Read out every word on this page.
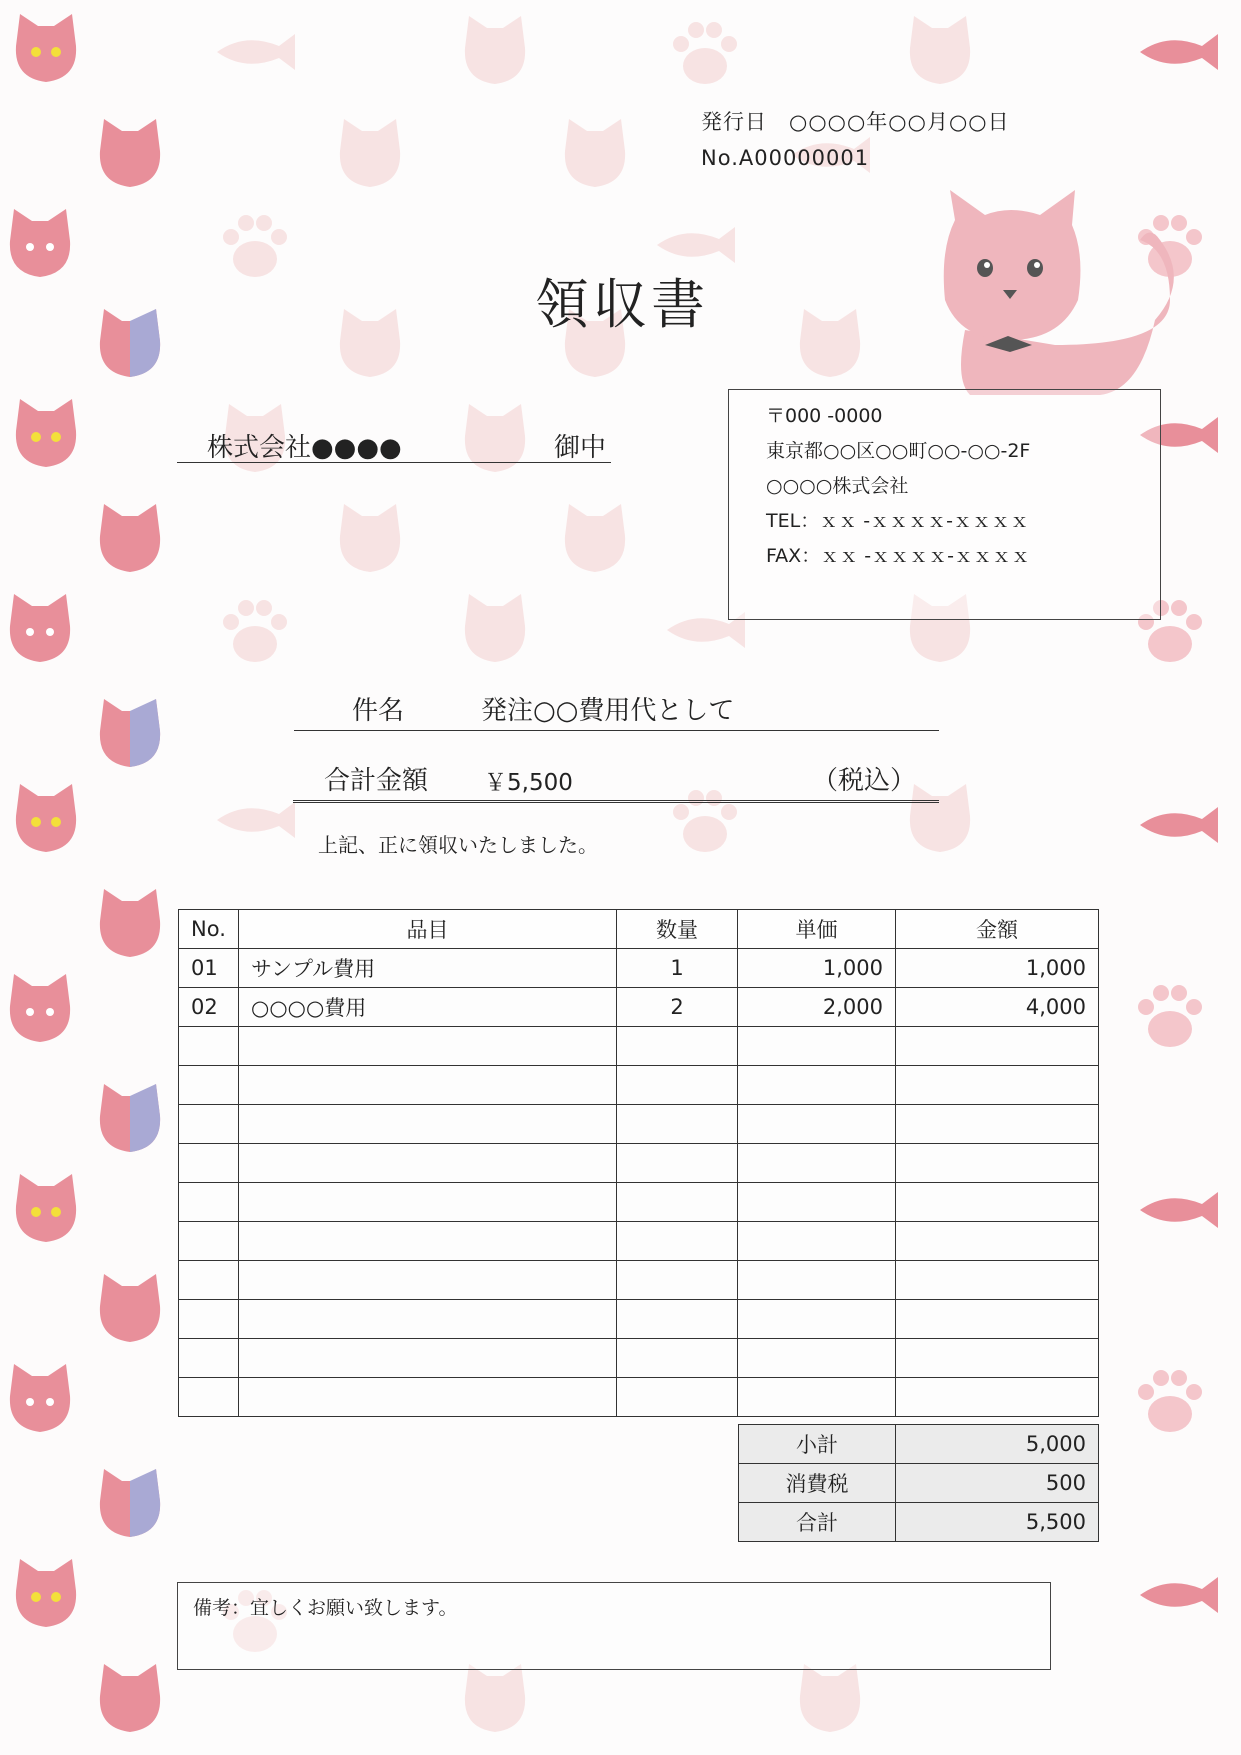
発行日　 ○○○○年○○月○○日
No.A00000001
領収書
株式会社●●●●	御中
〒000 -0000
東京都○○区○○町○○-○○-2F
○○○○株式会社
TEL：ｘｘ -ｘｘｘｘ-ｘｘｘｘ
FAX：ｘｘ -ｘｘｘｘ-ｘｘｘｘ
件名	発注○○費用代として
合計金額 ￥5,500	（税込）
上記、正に領収いたしました。
No.	品目	数量	単価	金額
01	サンプル費用	1	1,000	1,000
02	○○○○費用	2	2,000	4,000

小計	5,000
消費税	500
合計	5,500
備考：宜しくお願い致します。
